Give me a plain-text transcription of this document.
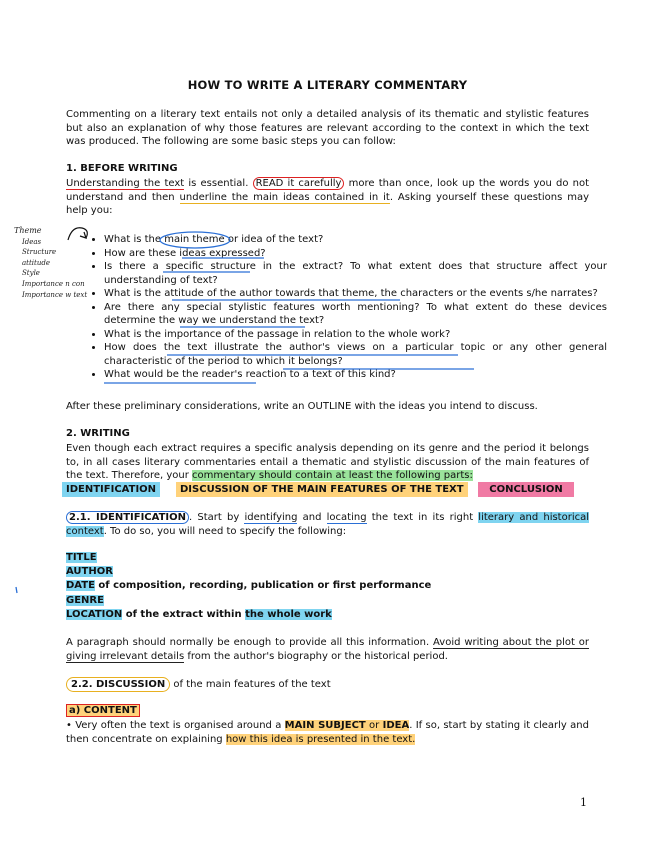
HOW TO WRITE A LITERARY COMMENTARY
Commenting on a literary text entails not only a detailed analysis of its thematic and stylistic features but also an explanation of why those features are relevant according to the context in which the text was produced. The following are some basic steps you can follow:
1. BEFORE WRITING
Understanding the text is essential. READ it carefully more than once, look up the words you do not understand and then underline the main ideas contained in it. Asking yourself these questions may help you:
Theme
Ideas
Structure
attitude
Style
Importance n con
Importance w text
• What is the main theme or idea of the text?
• How are these ideas expressed?
• Is there a specific structure in the extract? To what extent does that structure affect your understanding of text?
• What is the attitude of the author towards that theme, the characters or the events s/he narrates?
• Are there any special stylistic features worth mentioning? To what extent do these devices determine the way we understand the text?
• What is the importance of the passage in relation to the whole work?
• How does the text illustrate the author's views on a particular topic or any other general characteristic of the period to which it belongs?
• What would be the reader's reaction to a text of this kind?
After these preliminary considerations, write an OUTLINE with the ideas you intend to discuss.
2. WRITING
Even though each extract requires a specific analysis depending on its genre and the period it belongs to, in all cases literary commentaries entail a thematic and stylistic discussion of the main features of the text. Therefore, your commentary should contain at least the following parts:
IDENTIFICATION	DISCUSSION OF THE MAIN FEATURES OF THE TEXT	CONCLUSION
2.1. IDENTIFICATION . Start by identifying and locating the text in its right literary and historical context. To do so, you will need to specify the following:
TITLE
AUTHOR
DATE of composition, recording, publication or first performance
GENRE
LOCATION of the extract within the whole work
A paragraph should normally be enough to provide all this information. Avoid writing about the plot or giving irrelevant details from the author's biography or the historical period.
2.2. DISCUSSION of the main features of the text
a) CONTENT
• Very often the text is organised around a MAIN SUBJECT or IDEA. If so, start by stating it clearly and then concentrate on explaining how this idea is presented in the text.
1
